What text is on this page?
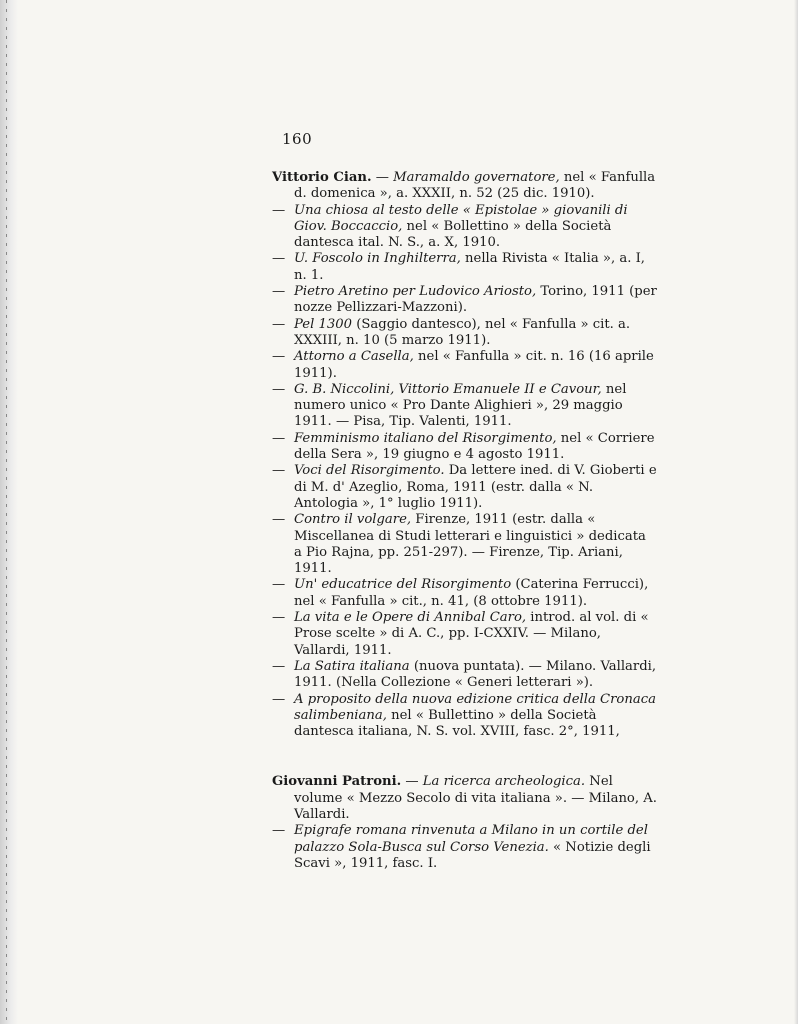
160

Vittorio Cian. — Maramaldo governatore, nel « Fanfulla d. domenica », a. XXXII, n. 52 (25 dic. 1910).

— Una chiosa al testo delle « Epistolae » giovanili di Giov. Boccaccio, nel « Bollettino » della Società dantesca ital. N. S., a. X, 1910.

— U. Foscolo in Inghilterra, nella Rivista « Italia », a. I, n. 1.

— Pietro Aretino per Ludovico Ariosto, Torino, 1911 (per nozze Pellizzari-Mazzoni).

— Pel 1300 (Saggio dantesco), nel « Fanfulla » cit. a. XXXIII, n. 10 (5 marzo 1911).

— Attorno a Casella, nel « Fanfulla » cit. n. 16 (16 aprile 1911).

— G. B. Niccolini, Vittorio Emanuele II e Cavour, nel numero unico « Pro Dante Alighieri », 29 maggio 1911. — Pisa, Tip. Valenti, 1911.

— Femminismo italiano del Risorgimento, nel « Corriere della Sera », 19 giugno e 4 agosto 1911.

— Voci del Risorgimento. Da lettere ined. di V. Gioberti e di M. d' Azeglio, Roma, 1911 (estr. dalla « N. Antologia », 1° luglio 1911).

— Contro il volgare, Firenze, 1911 (estr. dalla « Miscellanea di Studi letterari e linguistici » dedicata a Pio Rajna, pp. 251-297). — Firenze, Tip. Ariani, 1911.

— Un' educatrice del Risorgimento (Caterina Ferrucci), nel « Fanfulla » cit., n. 41, (8 ottobre 1911).

— La vita e le Opere di Annibal Caro, introd. al vol. di « Prose scelte » di A. C., pp. I-CXXIV. — Milano, Vallardi, 1911.

— La Satira italiana (nuova puntata). — Milano. Vallardi, 1911. (Nella Collezione « Generi letterari »).

— A proposito della nuova edizione critica della Cronaca salimbeniana, nel « Bullettino » della Società dantesca italiana, N. S. vol. XVIII, fasc. 2°, 1911,

Giovanni Patroni. — La ricerca archeologica. Nel volume « Mezzo Secolo di vita italiana ». — Milano, A. Vallardi.

— Epigrafe romana rinvenuta a Milano in un cortile del palazzo Sola-Busca sul Corso Venezia. « Notizie degli Scavi », 1911, fasc. I.
